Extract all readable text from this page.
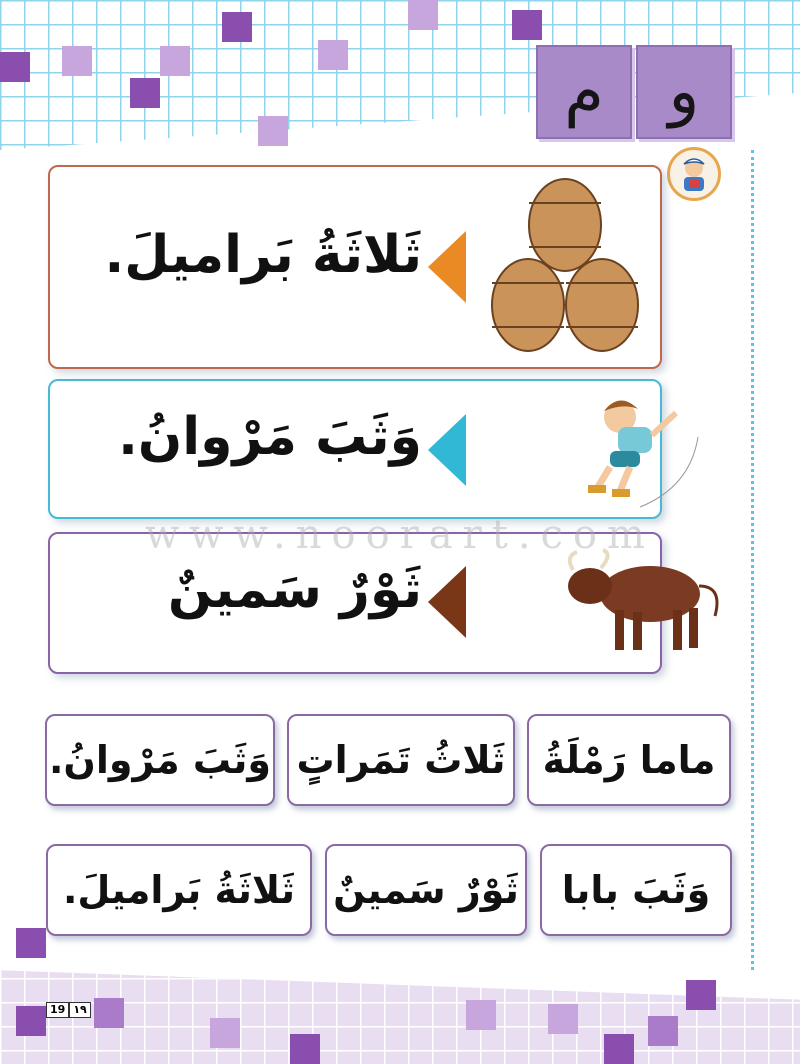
و
م
ثَلاثَةُ بَراميلَ.
وَثَبَ مَرْوانُ.
ثَوْرٌ سَمينٌ
www.noorart.com
ماما رَمْلَةُ
ثَلاثُ تَمَراتٍ
وَثَبَ مَرْوانُ.
وَثَبَ بابا
ثَوْرٌ سَمينٌ
ثَلاثَةُ بَراميلَ.
19 ١٩
